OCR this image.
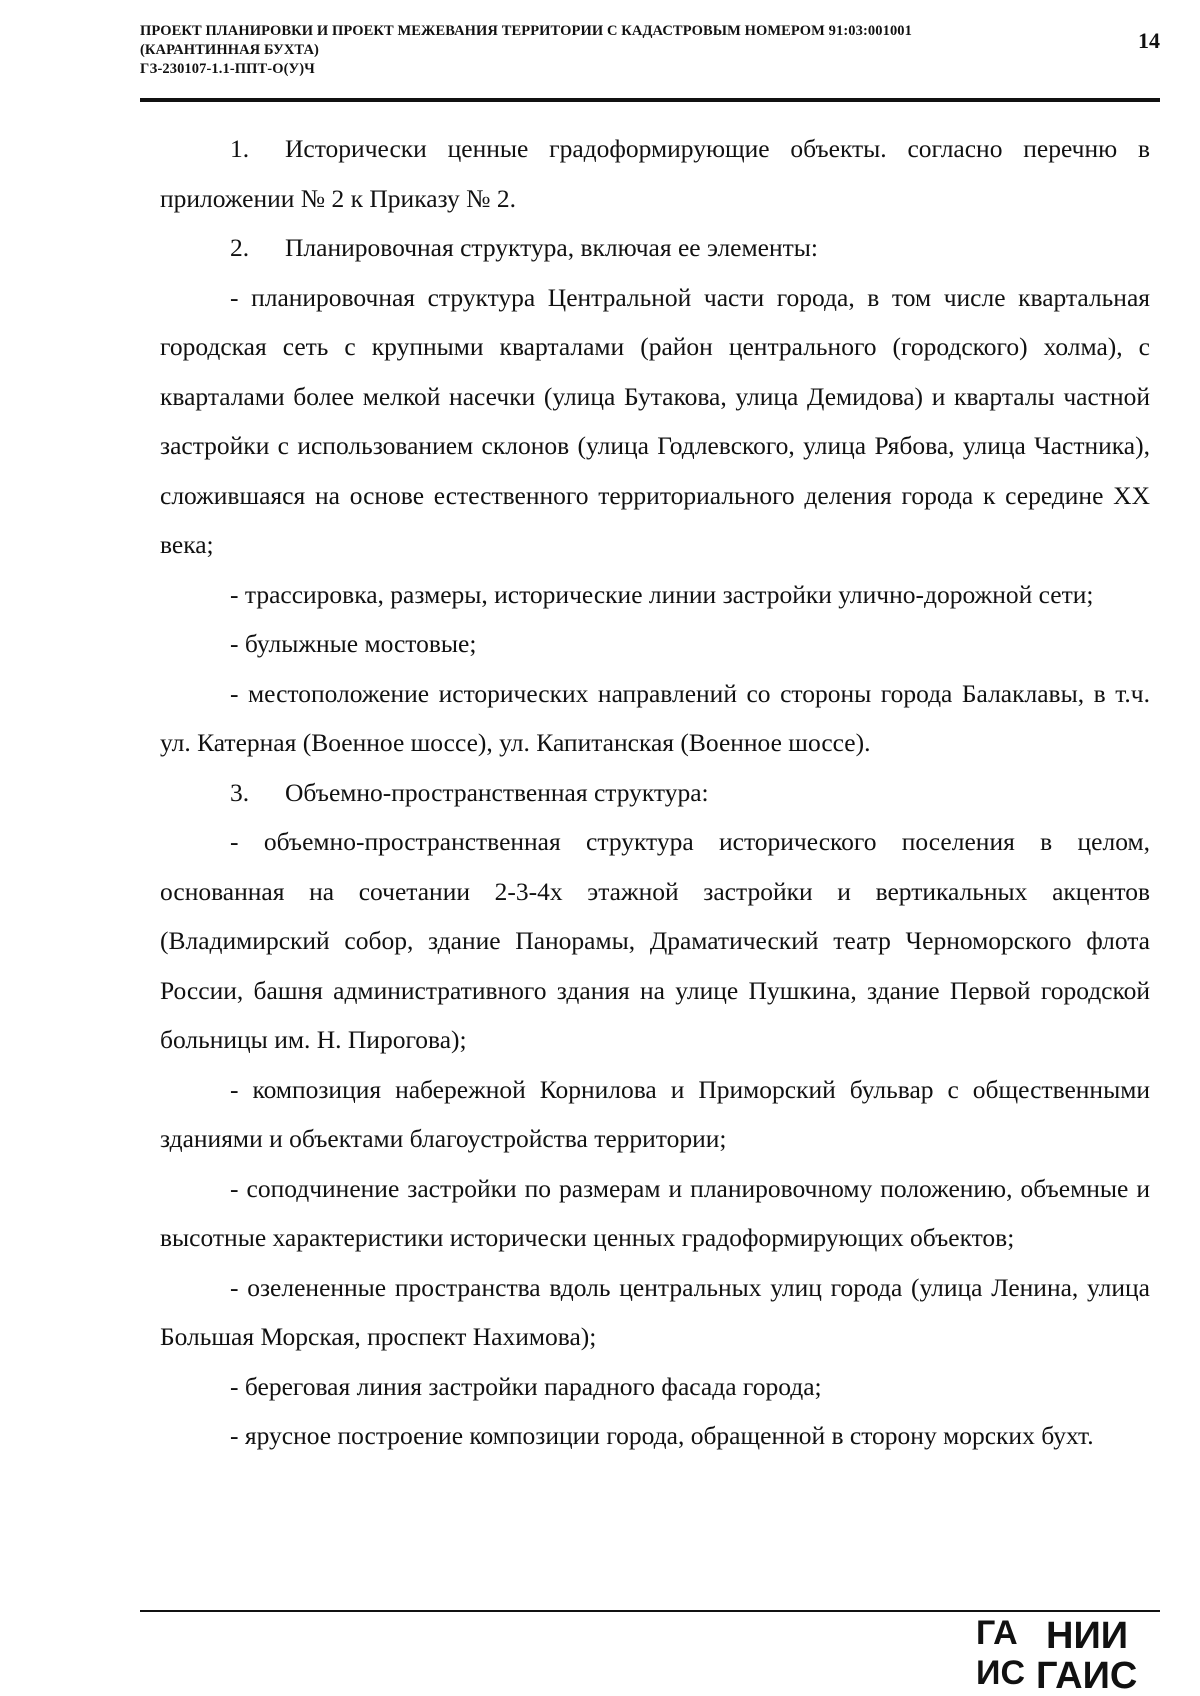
ПРОЕКТ ПЛАНИРОВКИ И ПРОЕКТ МЕЖЕВАНИЯ ТЕРРИТОРИИ С КАДАСТРОВЫМ НОМЕРОМ 91:03:001001
(КАРАНТИННАЯ БУХТА)
ГЗ-230107-1.1-ППТ-О(У)Ч
14

1. Исторически ценные градоформирующие объекты. согласно перечню в приложении № 2 к Приказу № 2.

2. Планировочная структура, включая ее элементы:

- планировочная структура Центральной части города, в том числе квартальная городская сеть с крупными кварталами (район центрального (городского) холма), с кварталами более мелкой насечки (улица Бутакова, улица Демидова) и кварталы частной застройки с использованием склонов (улица Годлевского, улица Рябова, улица Частника), сложившаяся на основе естественного территориального деления города к середине XX века;

- трассировка, размеры, исторические линии застройки улично-дорожной сети;

- булыжные мостовые;

- местоположение исторических направлений со стороны города Балаклавы, в т.ч. ул. Катерная (Военное шоссе), ул. Капитанская (Военное шоссе).

3. Объемно-пространственная структура:

- объемно-пространственная структура исторического поселения в целом, основанная на сочетании 2-3-4х этажной застройки и вертикальных акцентов (Владимирский собор, здание Панорамы, Драматический театр Черноморского флота России, башня административного здания на улице Пушкина, здание Первой городской больницы им. Н. Пирогова);

- композиция набережной Корнилова и Приморский бульвар с общественными зданиями и объектами благоустройства территории;

- соподчинение застройки по размерам и планировочному положению, объемные и высотные характеристики исторически ценных градоформирующих объектов;

- озелененные пространства вдоль центральных улиц города (улица Ленина, улица Большая Морская, проспект Нахимова);

- береговая линия застройки парадного фасада города;

- ярусное построение композиции города, обращенной в сторону морских бухт.

ГА
ИС
НИИ
ГАИС
